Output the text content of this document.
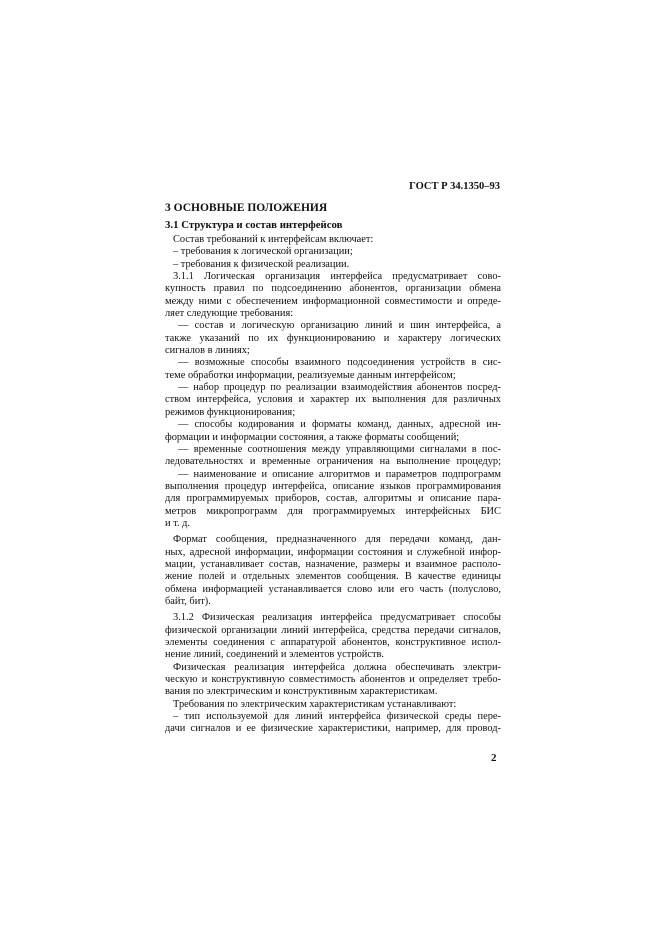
ГОСТ Р 34.1350–93
3 ОСНОВНЫЕ ПОЛОЖЕНИЯ
3.1 Структура и состав интерфейсов
Состав требований к интерфейсам включает:
– требования к логической организации;
– требования к физической реализации.
3.1.1 Логическая организация интерфейса предусматривает сово-
купность правил по подсоединению абонентов, организации обмена
между ними с обеспечением информационной совместимости и опреде-
ляет следующие требования:
— состав и логическую организацию линий и шин интерфейса, а
также указаний по их функционированию и характеру логических
сигналов в линиях;
— возможные способы взаимного подсоединения устройств в сис-
теме обработки информации, реализуемые данным интерфейсом;
— набор процедур по реализации взаимодействия абонентов посред-
ством интерфейса, условия и характер их выполнения для различных
режимов функционирования;
— способы кодирования и форматы команд, данных, адресной ин-
формации и информации состояния, а также форматы сообщений;
— временные соотношения между управляющими сигналами в пос-
ледовательностях и временные ограничения на выполнение процедур;
— наименование и описание алгоритмов и параметров подпрограмм
выполнения процедур интерфейса, описание языков программирования
для программируемых приборов, состав, алгоритмы и описание пара-
метров микропрограмм для программируемых интерфейсных БИС
и т. д.
Формат сообщения, предназначенного для передачи команд, дан-
ных, адресной информации, информации состояния и служебной инфор-
мации, устанавливает состав, назначение, размеры и взаимное располо-
жение полей и отдельных элементов сообщения. В качестве единицы
обмена информацией устанавливается слово или его часть (полуслово,
байт, бит).
3.1.2 Физическая реализация интерфейса предусматривает способы
физической организации линий интерфейса, средства передачи сигналов,
элементы соединения с аппаратурой абонентов, конструктивное испол-
нение линий, соединений и элементов устройств.
Физическая реализация интерфейса должна обеспечивать электри-
ческую и конструктивную совместимость абонентов и определяет требо-
вания по электрическим и конструктивным характеристикам.
Требования по электрическим характеристикам устанавливают:
– тип используемой для линий интерфейса физической среды пере-
дачи сигналов и ее физические характеристики, например, для провод-
2
